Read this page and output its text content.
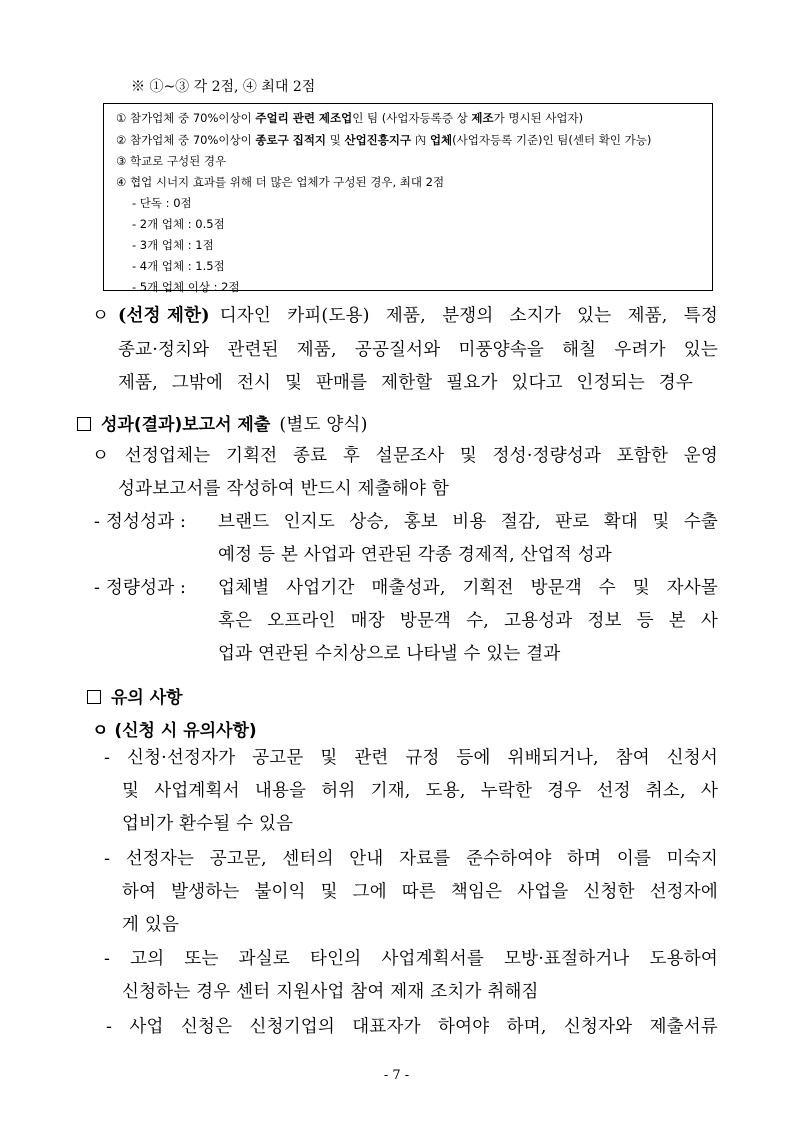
※ ①~③ 각 2점, ④ 최대 2점
① 참가업체 중 70%이상이 주얼리 관련 제조업인 팀 (사업자등록증 상 제조가 명시된 사업자)
② 참가업체 중 70%이상이 종로구 집적지 및 산업진흥지구 內 업체(사업자등록 기준)인 팀(센터 확인 가능)
③ 학교로 구성된 경우
④ 협업 시너지 효과를 위해 더 많은 업체가 구성된 경우, 최대 2점
- 단독 : 0점
- 2개 업체 : 0.5점
- 3개 업체 : 1점
- 4개 업체 : 1.5점
- 5개 업체 이상 : 2점
ㅇ (선정 제한) 디자인 카피(도용) 제품, 분쟁의 소지가 있는 제품, 특정
종교·정치와 관련된 제품, 공공질서와 미풍양속을 해칠 우려가 있는
제품, 그밖에 전시 및 판매를 제한할 필요가 있다고 인정되는 경우
성과(결과)보고서 제출 (별도 양식)
ㅇ 선정업체는 기획전 종료 후 설문조사 및 정성·정량성과 포함한 운영
성과보고서를 작성하여 반드시 제출해야 함
- 정성성과 : 브랜드 인지도 상승, 홍보 비용 절감, 판로 확대 및 수출
예정 등 본 사업과 연관된 각종 경제적, 산업적 성과
- 정량성과 : 업체별 사업기간 매출성과, 기획전 방문객 수 및 자사몰
혹은 오프라인 매장 방문객 수, 고용성과 정보 등 본 사
업과 연관된 수치상으로 나타낼 수 있는 결과
유의 사항
ㅇ (신청 시 유의사항)
- 신청·선정자가 공고문 및 관련 규정 등에 위배되거나, 참여 신청서
및 사업계획서 내용을 허위 기재, 도용, 누락한 경우 선정 취소, 사
업비가 환수될 수 있음
- 선정자는 공고문, 센터의 안내 자료를 준수하여야 하며 이를 미숙지
하여 발생하는 불이익 및 그에 따른 책임은 사업을 신청한 선정자에
게 있음
- 고의 또는 과실로 타인의 사업계획서를 모방·표절하거나 도용하여
신청하는 경우 센터 지원사업 참여 제재 조치가 취해짐
- 사업 신청은 신청기업의 대표자가 하여야 하며, 신청자와 제출서류
- 7 -
